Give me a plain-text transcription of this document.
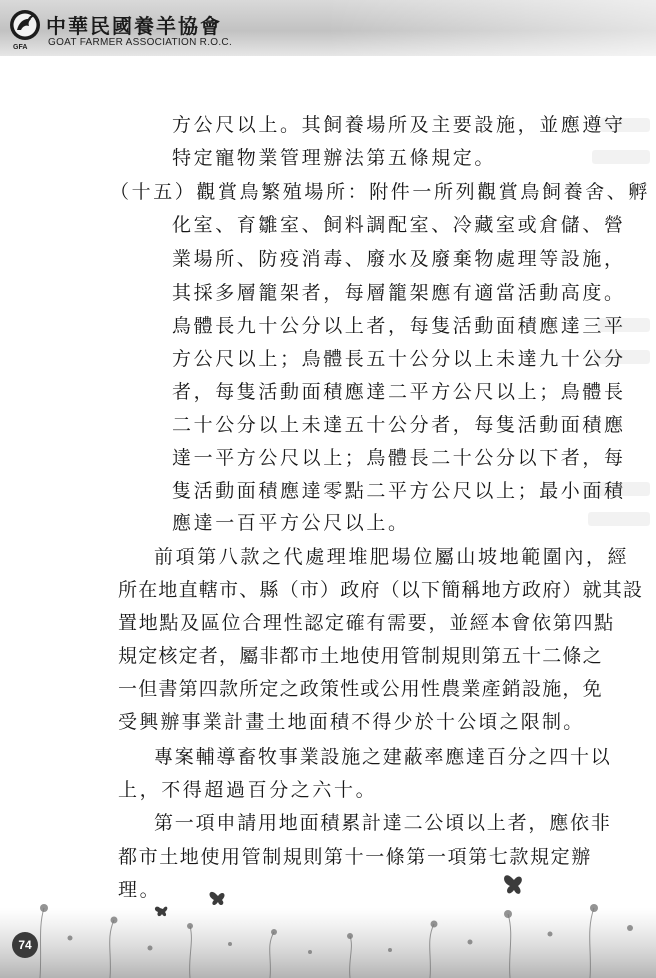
GFA
中華民國養羊協會
GOAT FARMER ASSOCIATION R.O.C.
方公尺以上。其飼養場所及主要設施，並應遵守
特定寵物業管理辦法第五條規定。
（十五）觀賞鳥繁殖場所：附件一所列觀賞鳥飼養舍、孵
化室、育雛室、飼料調配室、冷藏室或倉儲、營
業場所、防疫消毒、廢水及廢棄物處理等設施，
其採多層籠架者，每層籠架應有適當活動高度。
鳥體長九十公分以上者，每隻活動面積應達三平
方公尺以上；鳥體長五十公分以上未達九十公分
者，每隻活動面積應達二平方公尺以上；鳥體長
二十公分以上未達五十公分者，每隻活動面積應
達一平方公尺以上；鳥體長二十公分以下者，每
隻活動面積應達零點二平方公尺以上；最小面積
應達一百平方公尺以上。
前項第八款之代處理堆肥場位屬山坡地範圍內，經
所在地直轄市、縣（市）政府（以下簡稱地方政府）就其設
置地點及區位合理性認定確有需要，並經本會依第四點
規定核定者，屬非都市土地使用管制規則第五十二條之
一但書第四款所定之政策性或公用性農業產銷設施，免
受興辦事業計畫土地面積不得少於十公頃之限制。
專案輔導畜牧事業設施之建蔽率應達百分之四十以
上，不得超過百分之六十。
第一項申請用地面積累計達二公頃以上者，應依非
都市土地使用管制規則第十一條第一項第七款規定辦
理。
74
